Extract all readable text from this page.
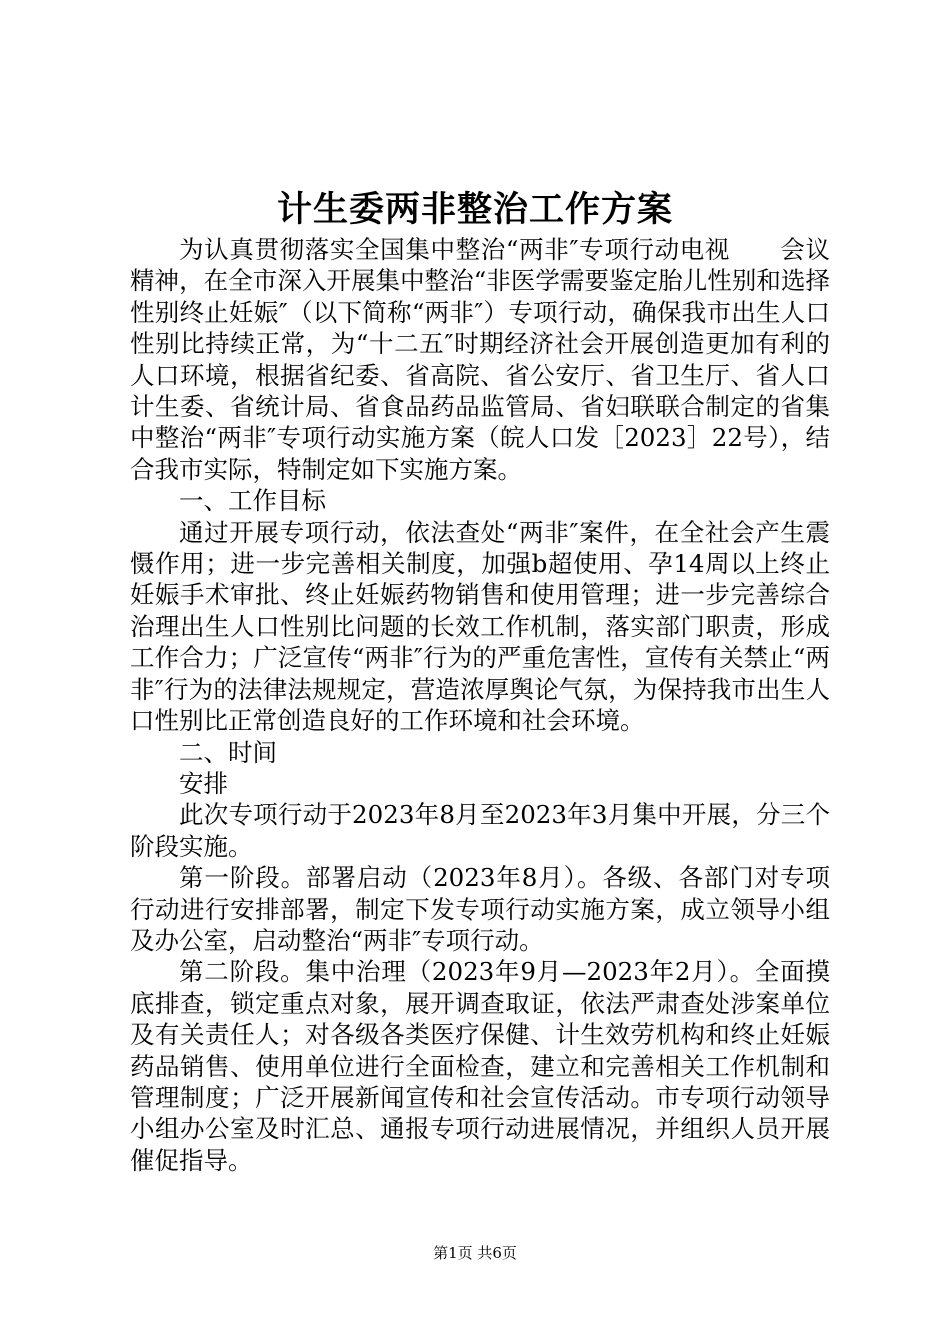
计生委两非整治工作方案

为认真贯彻落实全国集中整治“两非″专项行动电视　　会议精神，在全市深入开展集中整治“非医学需要鉴定胎儿性别和选择性别终止妊娠″（以下简称“两非″）专项行动，确保我市出生人口性别比持续正常，为“十二五″时期经济社会开展创造更加有利的人口环境，根据省纪委、省高院、省公安厅、省卫生厅、省人口计生委、省统计局、省食品药品监管局、省妇联联合制定的省集中整治“两非″专项行动实施方案（皖人口发［2023］22号），结合我市实际，特制定如下实施方案。

一、工作目标

通过开展专项行动，依法查处“两非″案件，在全社会产生震慑作用；进一步完善相关制度，加强b超使用、孕14周以上终止妊娠手术审批、终止妊娠药物销售和使用管理；进一步完善综合治理出生人口性别比问题的长效工作机制，落实部门职责，形成工作合力；广泛宣传“两非″行为的严重危害性，宣传有关禁止“两非″行为的法律法规规定，营造浓厚舆论气氛，为保持我市出生人口性别比正常创造良好的工作环境和社会环境。

二、时间

安排

此次专项行动于2023年8月至2023年3月集中开展，分三个阶段实施。

第一阶段。部署启动（2023年8月）。各级、各部门对专项行动进行安排部署，制定下发专项行动实施方案，成立领导小组及办公室，启动整治“两非″专项行动。

第二阶段。集中治理（2023年9月—2023年2月）。全面摸底排查，锁定重点对象，展开调查取证，依法严肃查处涉案单位及有关责任人；对各级各类医疗保健、计生效劳机构和终止妊娠药品销售、使用单位进行全面检查，建立和完善相关工作机制和管理制度；广泛开展新闻宣传和社会宣传活动。市专项行动领导小组办公室及时汇总、通报专项行动进展情况，并组织人员开展催促指导。

第1页 共6页
